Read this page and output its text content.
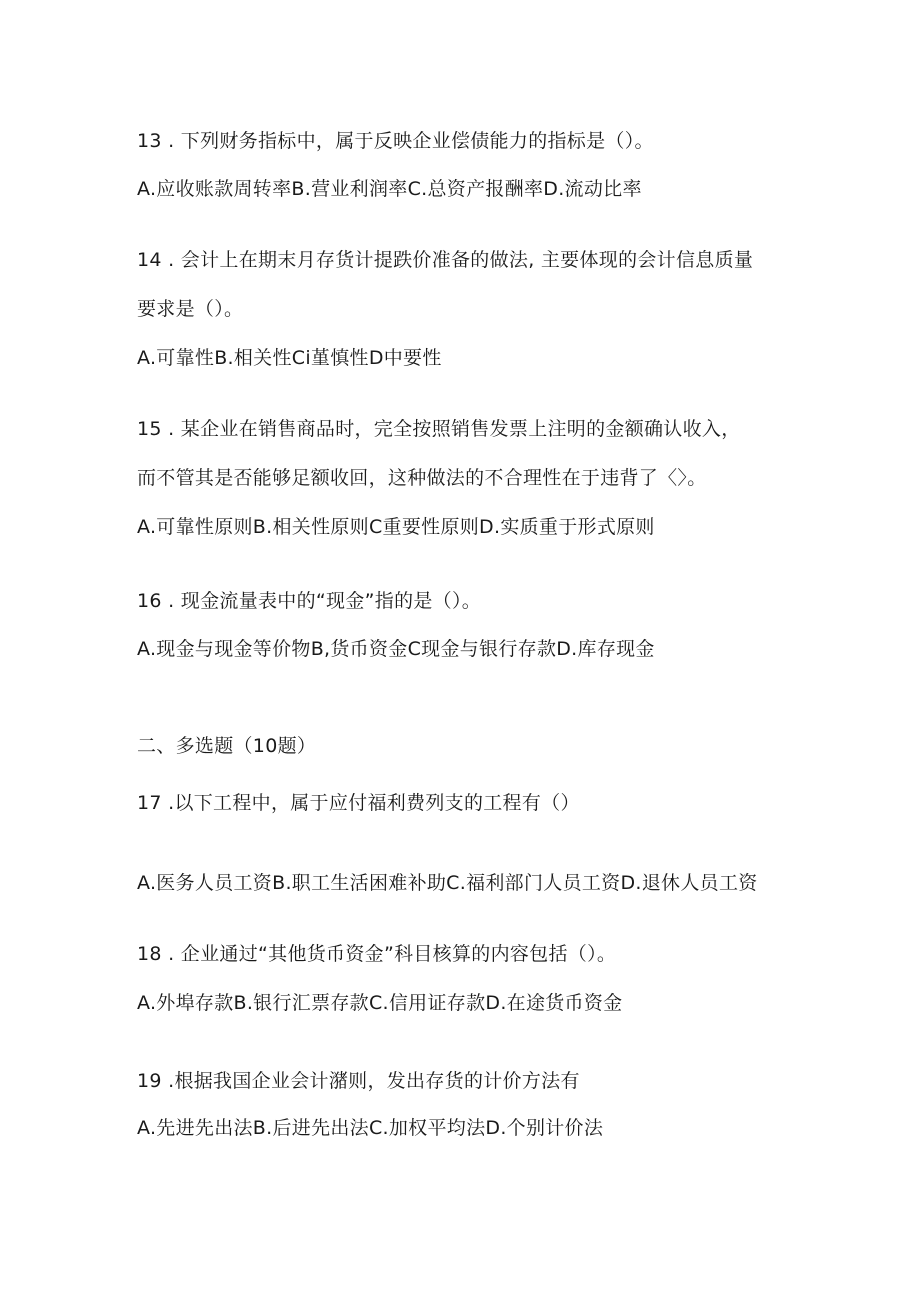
13 . 下列财务指标中，属于反映企业偿债能力的指标是（）。
A.应收账款周转率B.营业利润率C.总资产报酬率D.流动比率
14 . 会计上在期末月存货计提跌价准备的做法, 主要体现的会计信息质量
要求是（）。
A.可靠性B.相关性Ci堇慎性D中要性
15 . 某企业在销售商品时，完全按照销售发票上注明的金额确认收入，
而不管其是否能够足额收回，这种做法的不合理性在于违背了〈〉。
A.可靠性原则B.相关性原则C重要性原则D.实质重于形式原则
16 . 现金流量表中的“现金”指的是（）。
A.现金与现金等价物B,货币资金C现金与银行存款D.库存现金
二、多选题（10题）
17 .以下工程中，属于应付福利费列支的工程有（）
A.医务人员工资B.职工生活困难补助C.福利部门人员工资D.退休人员工资
18 . 企业通过“其他货币资金”科目核算的内容包括（）。
A.外埠存款B.银行汇票存款C.信用证存款D.在途货币资金
19 .根据我国企业会计潴则，发出存货的计价方法有
A.先进先出法B.后进先出法C.加权平均法D.个别计价法
